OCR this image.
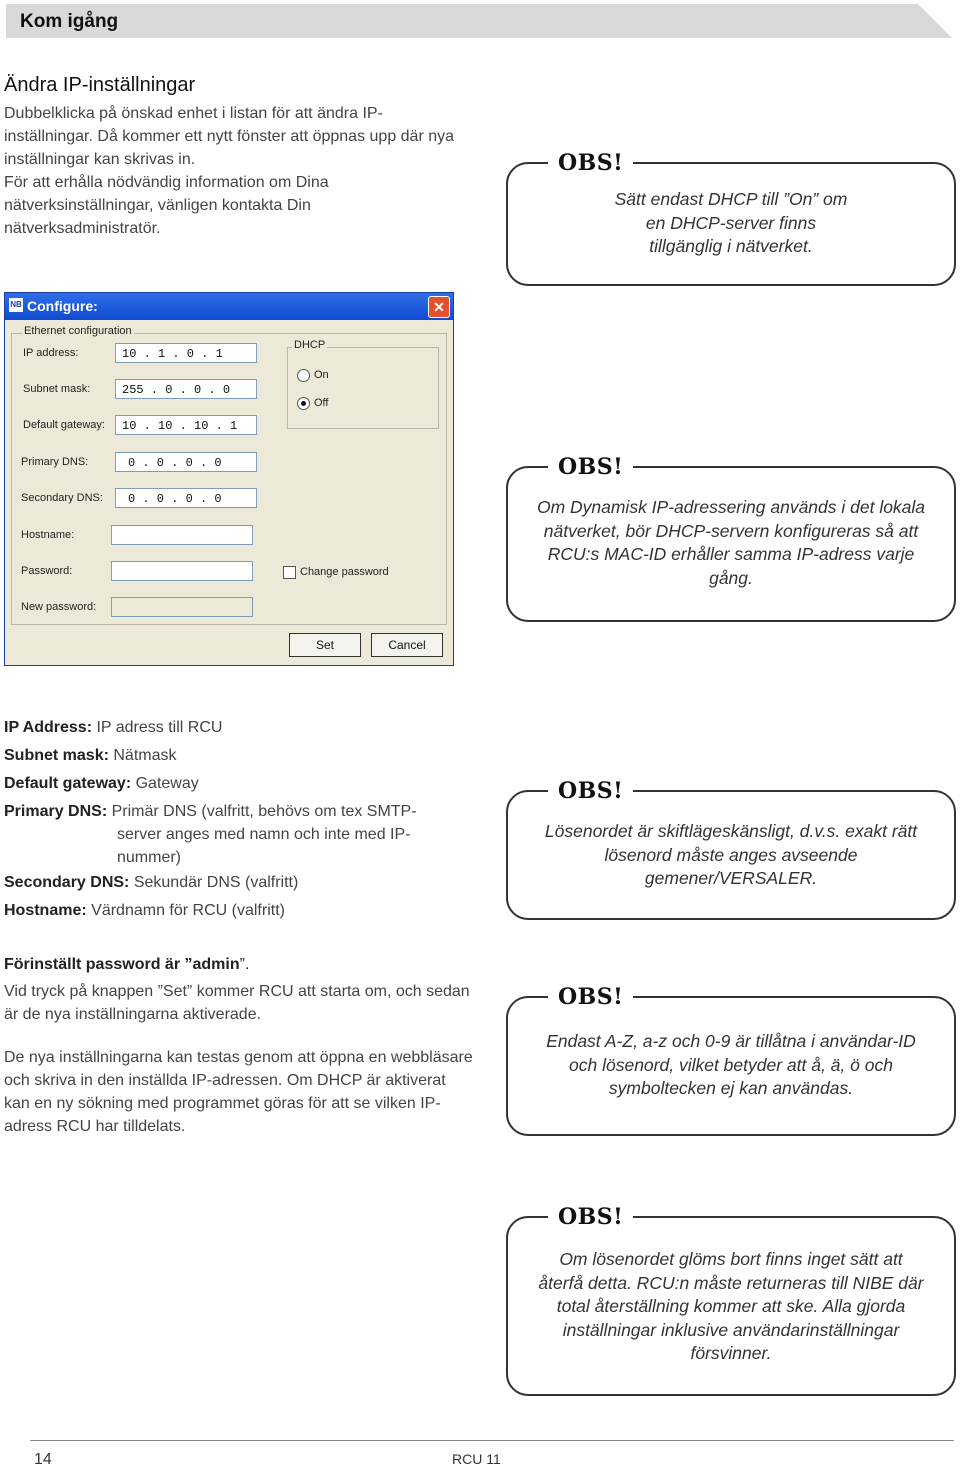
Kom igång
Ändra IP-inställningar

Dubbelklicka på önskad enhet i listan för att ändra IP-inställningar. Då kommer ett nytt fönster att öppnas upp där nya inställningar kan skrivas in.

För att erhålla nödvändig information om Dina nätverksinställningar, vänligen kontakta Din nätverksadministratör.

OBS!
Sätt endast DHCP till ”On” om en DHCP-server finns tillgänglig i nätverket.
NB Configure:	✕
Ethernet configuration
IP address:	10 . 1 . 0 . 1
Subnet mask:	255 . 0 . 0 . 0
Default gateway:	10 . 10 . 10 . 1
Primary DNS:	0 . 0 . 0 . 0
Secondary DNS:	0 . 0 . 0 . 0
Hostname:
Password:
New password:
DHCP
On
Off
Change password
Set	Cancel
OBS!
Om Dynamisk IP-adressering används i det lokala nätverket, bör DHCP-servern konfigureras så att RCU:s MAC-ID erhåller samma IP-adress varje gång.
IP Address: IP adress till RCU
Subnet mask: Nätmask
Default gateway: Gateway
Primary DNS: Primär DNS (valfritt, behövs om tex SMTP-
server anges med namn och inte med IP-
nummer)
Secondary DNS: Sekundär DNS (valfritt)
Hostname: Värdnamn för RCU (valfritt)
OBS!
Lösenordet är skiftlägeskänsligt, d.v.s. exakt rätt lösenord måste anges avseende gemener/VERSALER.

Förinställt password är ”admin”.

Vid tryck på knappen ”Set” kommer RCU att starta om, och sedan är de nya inställningarna aktiverade.

De nya inställningarna kan testas genom att öppna en webbläsare och skriva in den inställda IP-adressen. Om DHCP är aktiverat kan en ny sökning med programmet göras för att se vilken IP-adress RCU har tilldelats.

OBS!
Endast A-Z, a-z och 0-9 är tillåtna i användar-ID och lösenord, vilket betyder att å, ä, ö och symboltecken ej kan användas.
OBS!
Om lösenordet glöms bort finns inget sätt att återfå detta. RCU:n måste returneras till NIBE där total återställning kommer att ske. Alla gjorda inställningar inklusive användarinställningar försvinner.
14	RCU 11
